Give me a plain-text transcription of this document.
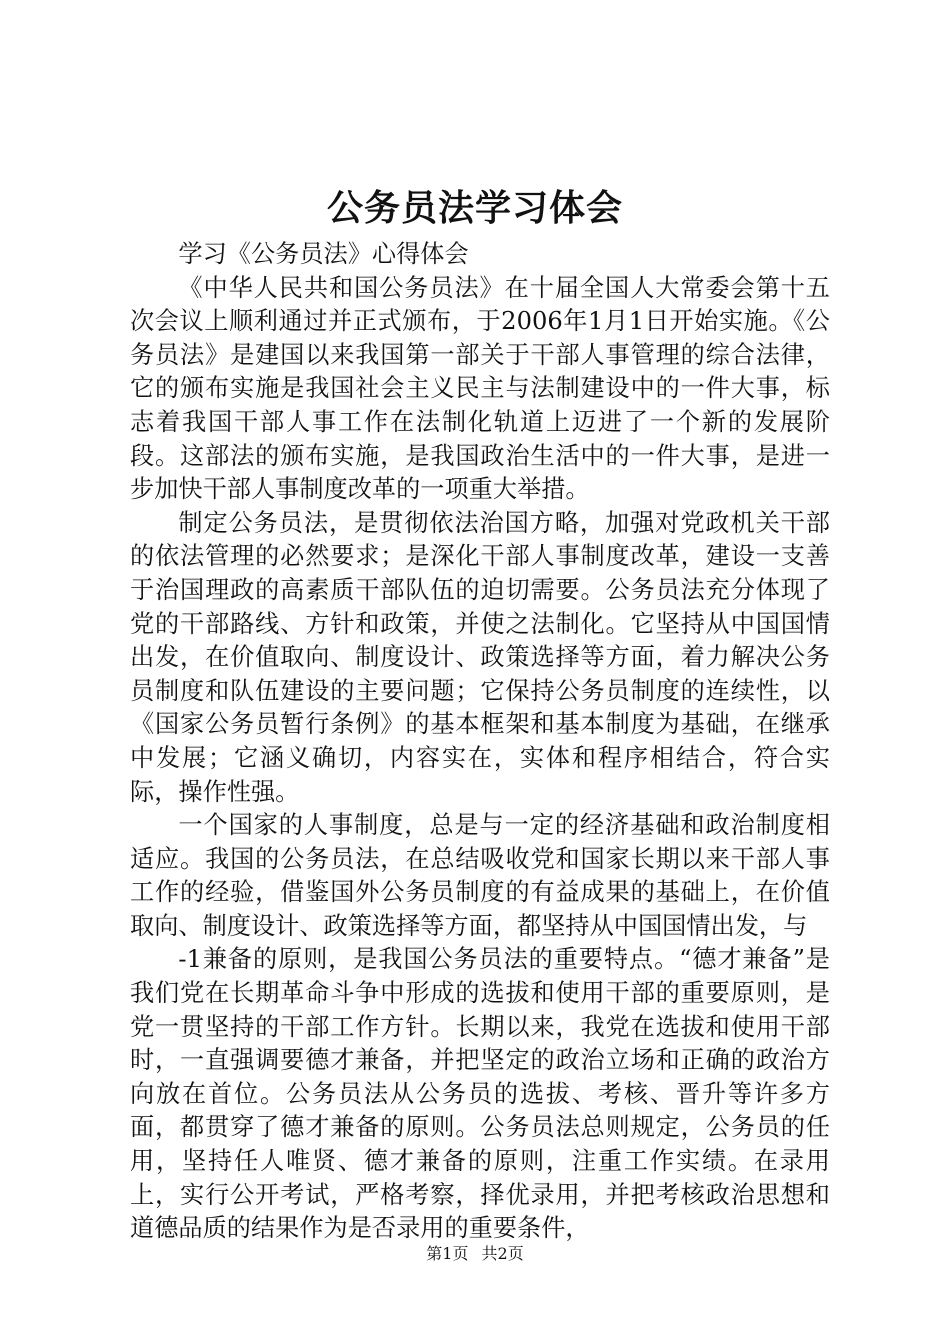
公务员法学习体会

学习《公务员法》心得体会

《中华人民共和国公务员法》在十届全国人大常委会第十五次会议上顺利通过并正式颁布，于2006年1月1日开始实施。《公务员法》是建国以来我国第一部关于干部人事管理的综合法律，它的颁布实施是我国社会主义民主与法制建设中的一件大事，标志着我国干部人事工作在法制化轨道上迈进了一个新的发展阶段。这部法的颁布实施，是我国政治生活中的一件大事，是进一步加快干部人事制度改革的一项重大举措。

制定公务员法，是贯彻依法治国方略，加强对党政机关干部的依法管理的必然要求；是深化干部人事制度改革，建设一支善于治国理政的高素质干部队伍的迫切需要。公务员法充分体现了党的干部路线、方针和政策，并使之法制化。它坚持从中国国情出发，在价值取向、制度设计、政策选择等方面，着力解决公务员制度和队伍建设的主要问题；它保持公务员制度的连续性，以《国家公务员暂行条例》的基本框架和基本制度为基础，在继承中发展；它涵义确切，内容实在，实体和程序相结合，符合实际，操作性强。

一个国家的人事制度，总是与一定的经济基础和政治制度相适应。我国的公务员法，在总结吸收党和国家长期以来干部人事工作的经验，借鉴国外公务员制度的有益成果的基础上，在价值取向、制度设计、政策选择等方面，都坚持从中国国情出发，与

-1兼备的原则，是我国公务员法的重要特点。“德才兼备”是我们党在长期革命斗争中形成的选拔和使用干部的重要原则，是党一贯坚持的干部工作方针。长期以来，我党在选拔和使用干部时，一直强调要德才兼备，并把坚定的政治立场和正确的政治方向放在首位。公务员法从公务员的选拔、考核、晋升等许多方面，都贯穿了德才兼备的原则。公务员法总则规定，公务员的任用，坚持任人唯贤、德才兼备的原则，注重工作实绩。在录用上，实行公开考试，严格考察，择优录用，并把考核政治思想和道德品质的结果作为是否录用的重要条件，

第1页 共2页
